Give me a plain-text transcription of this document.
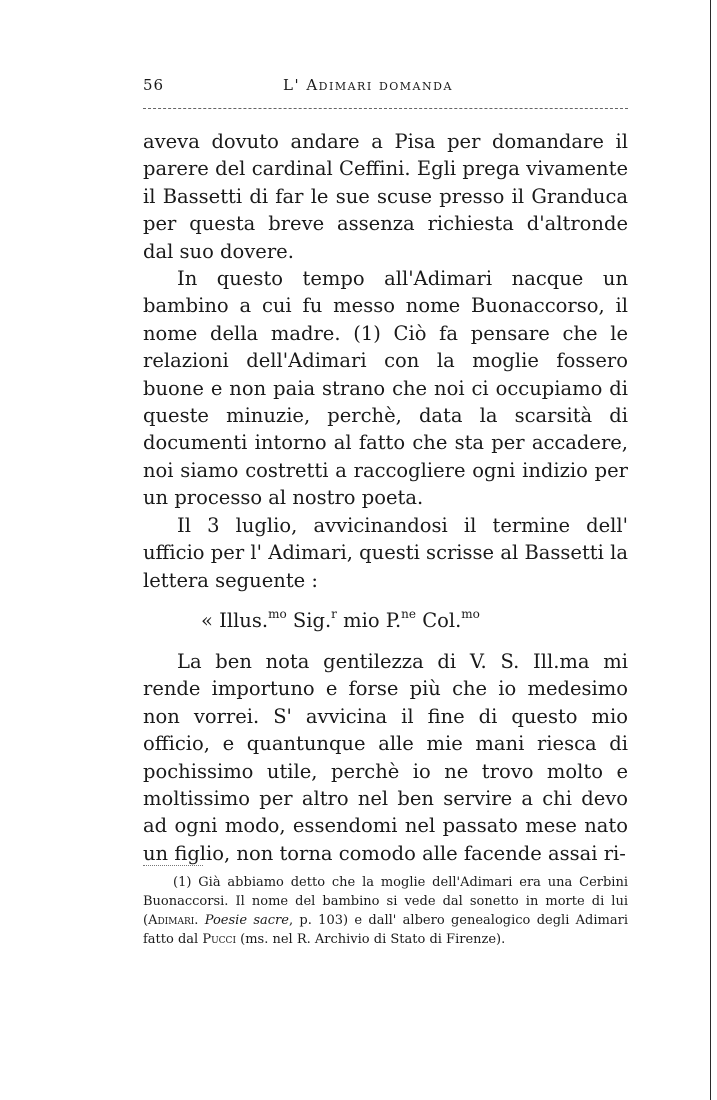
56	L' Adimari domanda

aveva dovuto andare a Pisa per domandare il parere del cardinal Ceffini. Egli prega vivamente il Bassetti di far le sue scuse presso il Granduca per questa breve assenza richiesta d'altronde dal suo dovere.

In questo tempo all'Adimari nacque un bambino a cui fu messo nome Buonaccorso, il nome della madre. (1) Ciò fa pensare che le relazioni dell'Adimari con la moglie fossero buone e non paia strano che noi ci occupiamo di queste minuzie, perchè, data la scarsità di documenti intorno al fatto che sta per accadere, noi siamo costretti a raccogliere ogni indizio per un processo al nostro poeta.

Il 3 luglio, avvicinandosi il termine dell' ufficio per l' Adimari, questi scrisse al Bassetti la lettera seguente :

« Illus.$^{mo}$ Sig.$^r$ mio P.$^{ne}$ Col.$^{mo}$

La ben nota gentilezza di V. S. Ill.ma mi rende importuno e forse più che io medesimo non vorrei. S' avvicina il fine di questo mio officio, e quantunque alle mie mani riesca di pochissimo utile, perchè io ne trovo molto e moltissimo per altro nel ben servire a chi devo ad ogni modo, essendomi nel passato mese nato un figlio, non torna comodo alle facende assai ri-

(1) Già abbiamo detto che la moglie dell'Adimari era una Cerbini Buonaccorsi. Il nome del bambino si vede dal sonetto in morte di lui (Adimari. Poesie sacre, p. 103) e dall' albero genealogico degli Adimari fatto dal Pucci (ms. nel R. Archivio di Stato di Firenze).
